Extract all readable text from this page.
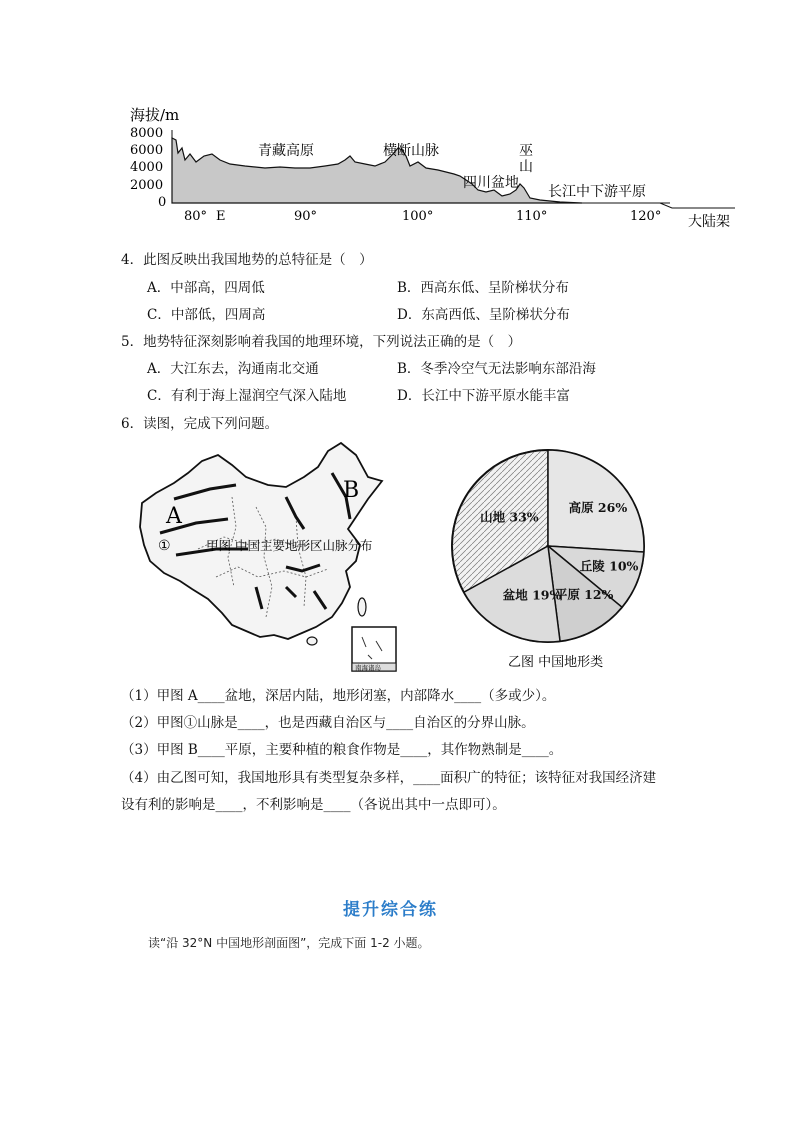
海拔/m
8000
6000
4000
2000
0
青藏高原	横断山脉	巫
山
四川盆地
长江中下游平原
大陆架
80° E	90°	100°	110°	120°
4．此图反映出我国地势的总特征是（　）
A．中部高，四周低	B．西高东低、呈阶梯状分布
C．中部低，四周高	D．东高西低、呈阶梯状分布
5．地势特征深刻影响着我国的地理环境，下列说法正确的是（　）
A．大江东去，沟通南北交通	B．冬季冷空气无法影响东部沿海
C．有利于海上湿润空气深入陆地	D．长江中下游平原水能丰富
6．读图，完成下列问题。
A
B
①	甲图 中国主要地形区山脉分布
南海诸岛
山地 33%
高原 26%
丘陵 10%
平原 12%
盆地 19%
乙图 中国地形类
（1）甲图 A____盆地，深居内陆，地形闭塞，内部降水____（多或少）。
（2）甲图①山脉是____，也是西藏自治区与____自治区的分界山脉。
（3）甲图 B____平原，主要种植的粮食作物是____，其作物熟制是____。
（4）由乙图可知，我国地形具有类型复杂多样，____面积广的特征；该特征对我国经济建
设有利的影响是____，不利影响是____（各说出其中一点即可）。
提升综合练
读“沿 32°N 中国地形剖面图”，完成下面 1-2 小题。
